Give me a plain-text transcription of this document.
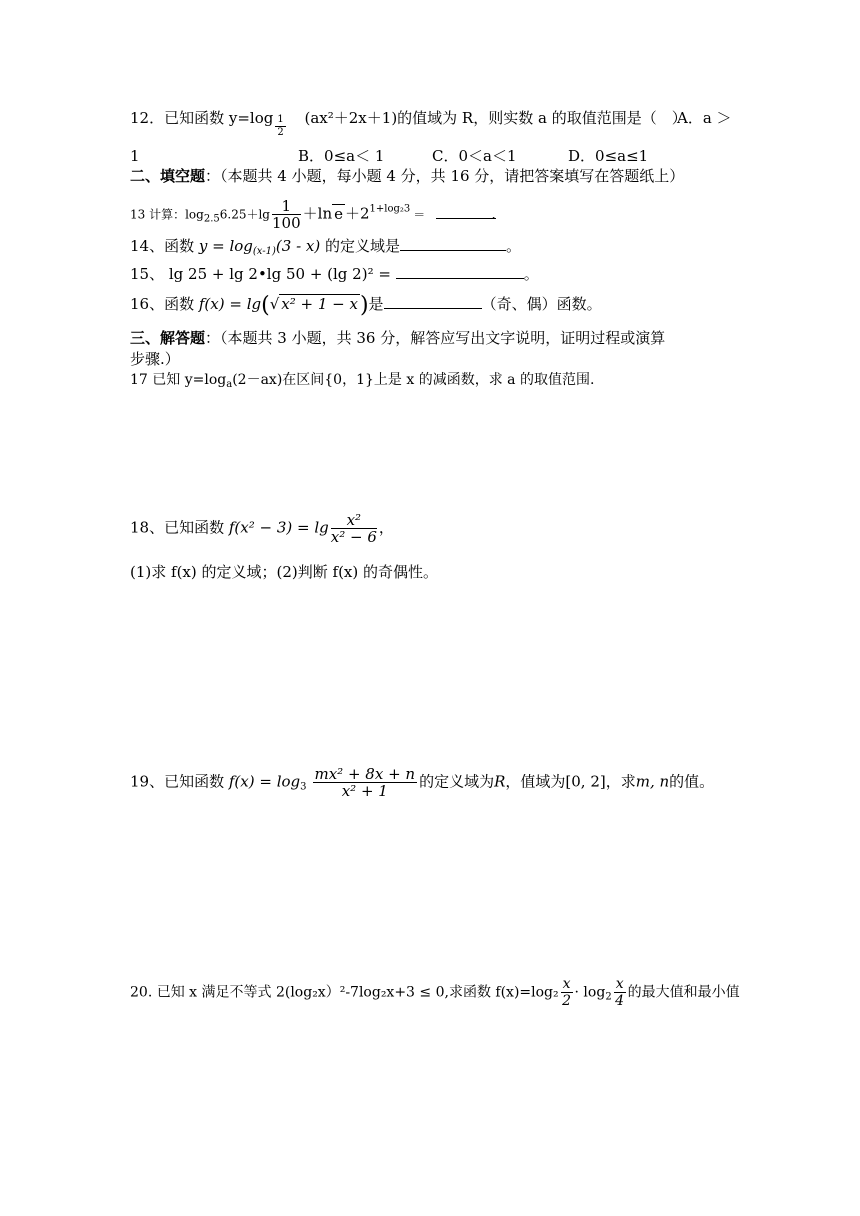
12．已知函数 $y=\log \frac{1}{2} (ax^2+2x+1)$的值域为 R，则实数 a 的取值范围是（　）
A．a ＞
1	B．0≤a＜ 1	C．0＜a＜1	D．0≤a≤1
二、填空题：（本题共 4 小题，每小题 4 分，共 16 分，请把答案填写在答题纸上）
13 计算：$\log_{2.5}6.25+\lg \frac{1}{100} +\ln$ $e +2^{1+log_23}$ ＝	.
14、函数 $y = \log_{(x-1)}(3 - x)$ 的定义域是	。
15、 lg 25 + lg 2•lg 50 + (lg 2)² =	。
16、函数 f(x) = lg(√ x² + 1 − x)是	（奇、偶）函数。
三、解答题：（本题共 3 小题，共 36 分，解答应写出文字说明，证明过程或演算
步骤.）
17 已知 $y=\log_a(2-ax)$在区间{0，1}上是 x 的减函数，求 a 的取值范围.
18、已知函数 $f(x^2 - 3) = \lg \frac{\text{x²}}{\text{x² − 6}}$ ，
(1)求 f(x) 的定义域；(2)判断 f(x) 的奇偶性。
19、已知函数 $f(x) = \log_3 \frac{\text{mx² + 8x + n}}{\text{x² + 1}}$ 的定义域为R，值域为[0, 2]，求m, n的值。
20. 已知 x 满足不等式 2(log₂x）²-7log₂x+3 ≤ 0,求函数 $f(x)=\log_2 \frac{x}{2} \cdot \log_2 \frac{x}{4}$ 的最大值和最小值
